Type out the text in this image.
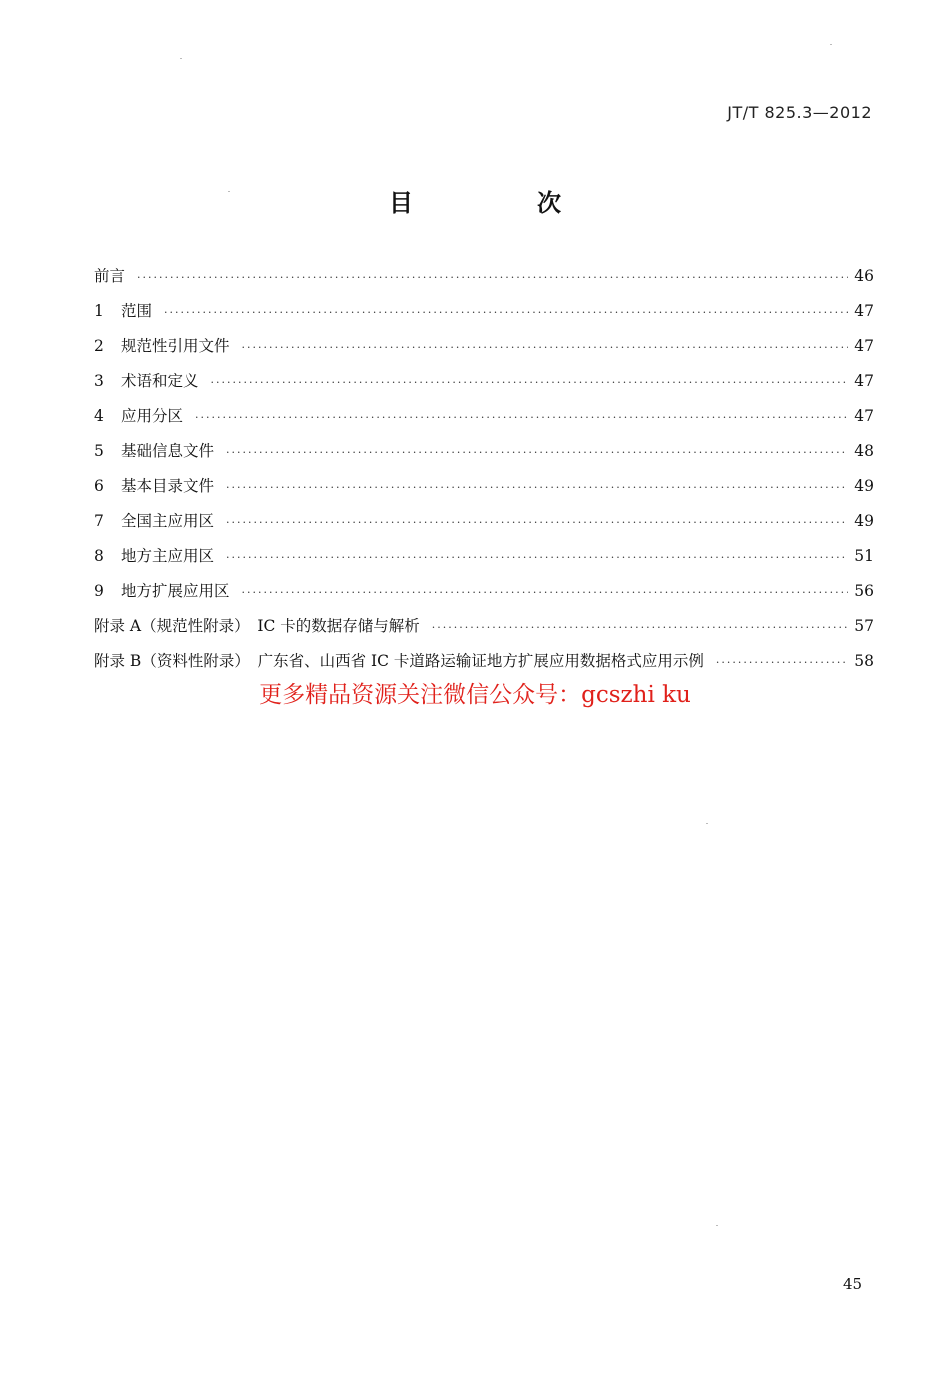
JT/T 825.3—2012
目　次
前言 ·····	46
1	范围 ·····	47
2	规范性引用文件 ·····	47
3	术语和定义 ·····	47
4	应用分区 ·····	47
5	基础信息文件 ·····	48
6	基本目录文件 ·····	49
7	全国主应用区 ·····	49
8	地方主应用区 ·····	51
9	地方扩展应用区 ·····	56
附录 A（规范性附录）　IC 卡的数据存储与解析 ·····	57
附录 B（资料性附录）　广东省、山西省 IC 卡道路运输证地方扩展应用数据格式应用示例 ·····	58
更多精品资源关注微信公众号：gcszhi ku
45
